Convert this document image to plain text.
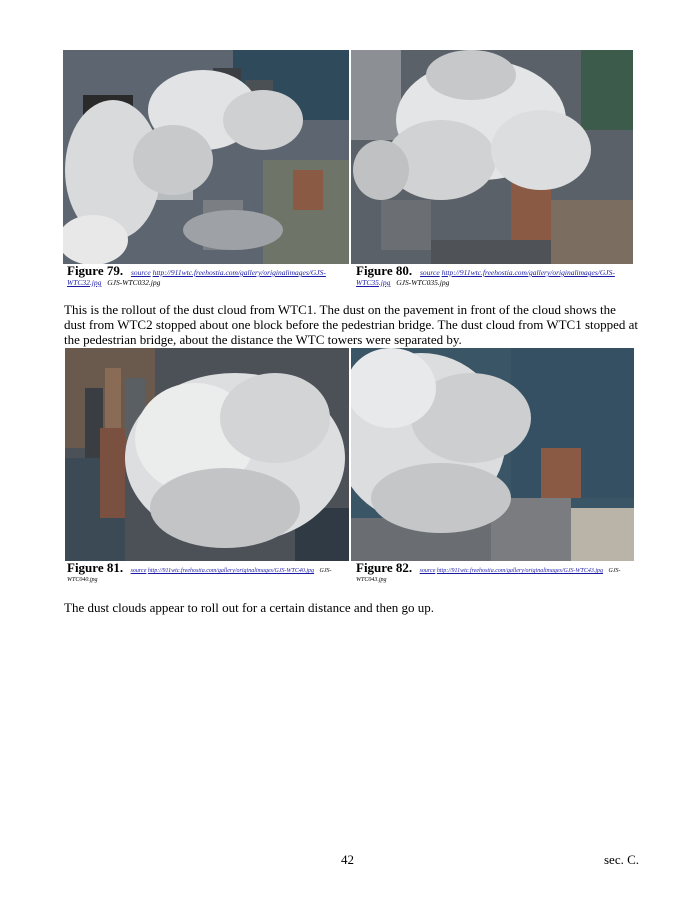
Figure 79. source http://911wtc.freehostia.com/gallery/originalimages/GJS-WTC32.jpg GJS-WTC032.jpg
Figure 80. source http://911wtc.freehostia.com/gallery/originalimages/GJS-WTC35.jpg GJS-WTC035.jpg
This is the rollout of the dust cloud from WTC1. The dust on the pavement in front of the cloud shows the dust from WTC2 stopped about one block before the pedestrian bridge. The dust cloud from WTC1 stopped at the pedestrian bridge, about the distance the WTC towers were separated by.
Figure 81. source http://911wtc.freehostia.com/gallery/originalimages/GJS-WTC40.jpg GJS-WTC040.jpg
Figure 82. source http://911wtc.freehostia.com/gallery/originalimages/GJS-WTC43.jpg GJS-WTC043.jpg
The dust clouds appear to roll out for a certain distance and then go up.
42	sec. C.
